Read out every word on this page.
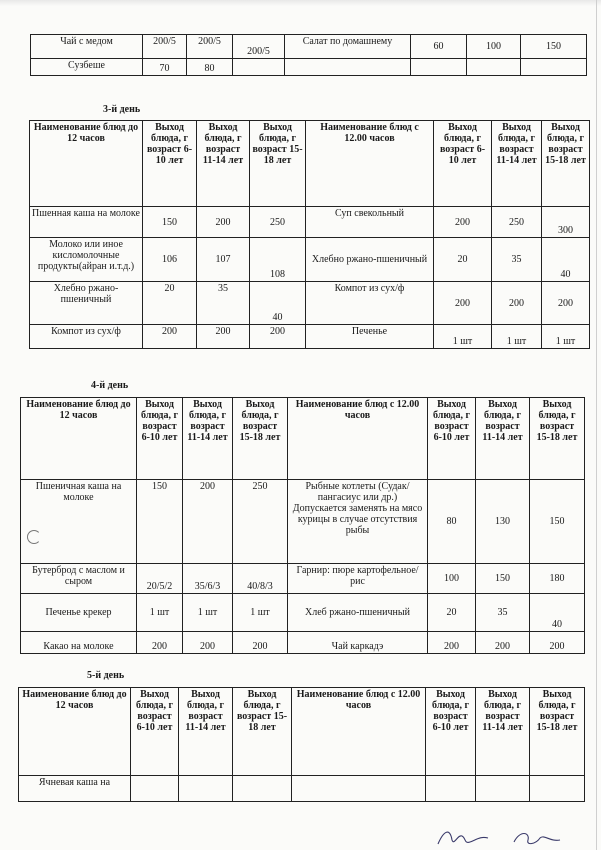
Чай с медом	200/5	200/5	200/5	Салат по домашнему	60	100	150
Сузбеше	70	80					
3-й день
Наименование блюд до 12 часов	Выход блюда, г возраст 6-10 лет	Выход блюда, г возраст 11-14 лет	Выход блюда, г возраст 15-18 лет	Наименование блюд с 12.00 часов	Выход блюда, г возраст 6-10 лет	Выход блюда, г возраст 11-14 лет	Выход блюда, г возраст 15-18 лет
Пшенная каша на молоке	150	200	250	Суп свекольный	200	250	300
Молоко или иное кисломолочные продукты(айран и.т.д.)	106	107	108	Хлебно ржано-пшеничный	20	35	40
Хлебно ржано-пшеничный	20	35	40	Компот из сух/ф	200	200	200
Компот из сух/ф	200	200	200	Печенье	1 шт	1 шт	1 шт
4-й день
Наименование блюд до 12 часов	Выход блюда, г возраст 6-10 лет	Выход блюда, г возраст 11-14 лет	Выход блюда, г возраст 15-18 лет	Наименование блюд с 12.00 часов	Выход блюда, г возраст 6-10 лет	Выход блюда, г возраст 11-14 лет	Выход блюда, г возраст 15-18 лет
Пшеничная каша на молоке	150	200	250	Рыбные котлеты (Судак/пангасиус или др.) Допускается заменять на мясо курицы в случае отсутствия рыбы	80	130	150
Бутерброд с маслом и сыром	20/5/2	35/6/3	40/8/3	Гарнир: пюре картофельное/рис	100	150	180
Печенье крекер	1 шт	1 шт	1 шт	Хлеб ржано-пшеничный	20	35	40
Какао на молоке	200	200	200	Чай каркадэ	200	200	200
5-й день
Наименование блюд до 12 часов	Выход блюда, г возраст 6-10 лет	Выход блюда, г возраст 11-14 лет	Выход блюда, г возраст 15-18 лет	Наименование блюд с 12.00 часов	Выход блюда, г возраст 6-10 лет	Выход блюда, г возраст 11-14 лет	Выход блюда, г возраст 15-18 лет
Ячневая каша на							
